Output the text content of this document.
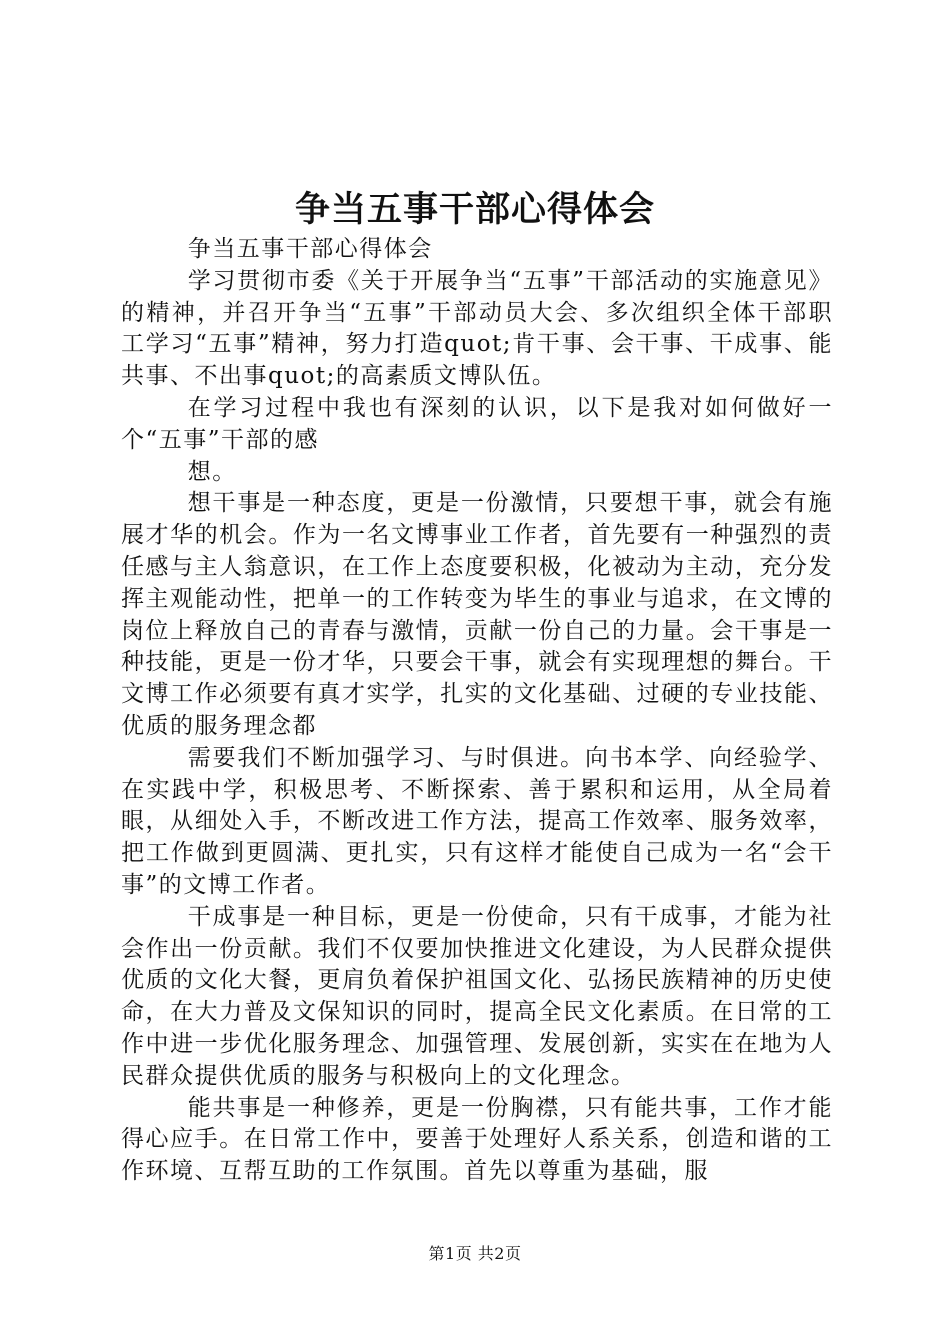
争当五事干部心得体会

争当五事干部心得体会

学习贯彻市委《关于开展争当“五事”干部活动的实施意见》的精神，并召开争当“五事”干部动员大会、多次组织全体干部职工学习“五事”精神，努力打造quot;肯干事、会干事、干成事、能共事、不出事quot;的高素质文博队伍。

在学习过程中我也有深刻的认识，以下是我对如何做好一个“五事”干部的感

想。

想干事是一种态度，更是一份激情，只要想干事，就会有施展才华的机会。作为一名文博事业工作者，首先要有一种强烈的责任感与主人翁意识，在工作上态度要积极，化被动为主动，充分发挥主观能动性，把单一的工作转变为毕生的事业与追求，在文博的岗位上释放自己的青春与激情，贡献一份自己的力量。会干事是一种技能，更是一份才华，只要会干事，就会有实现理想的舞台。干文博工作必须要有真才实学，扎实的文化基础、过硬的专业技能、优质的服务理念都

需要我们不断加强学习、与时俱进。向书本学、向经验学、在实践中学，积极思考、不断探索、善于累积和运用，从全局着眼，从细处入手，不断改进工作方法，提高工作效率、服务效率，把工作做到更圆满、更扎实，只有这样才能使自己成为一名“会干事”的文博工作者。

干成事是一种目标，更是一份使命，只有干成事，才能为社会作出一份贡献。我们不仅要加快推进文化建设，为人民群众提供优质的文化大餐，更肩负着保护祖国文化、弘扬民族精神的历史使命，在大力普及文保知识的同时，提高全民文化素质。在日常的工作中进一步优化服务理念、加强管理、发展创新，实实在在地为人民群众提供优质的服务与积极向上的文化理念。

能共事是一种修养，更是一份胸襟，只有能共事，工作才能得心应手。在日常工作中，要善于处理好人系关系，创造和谐的工作环境、互帮互助的工作氛围。首先以尊重为基础，服

第1页 共2页
